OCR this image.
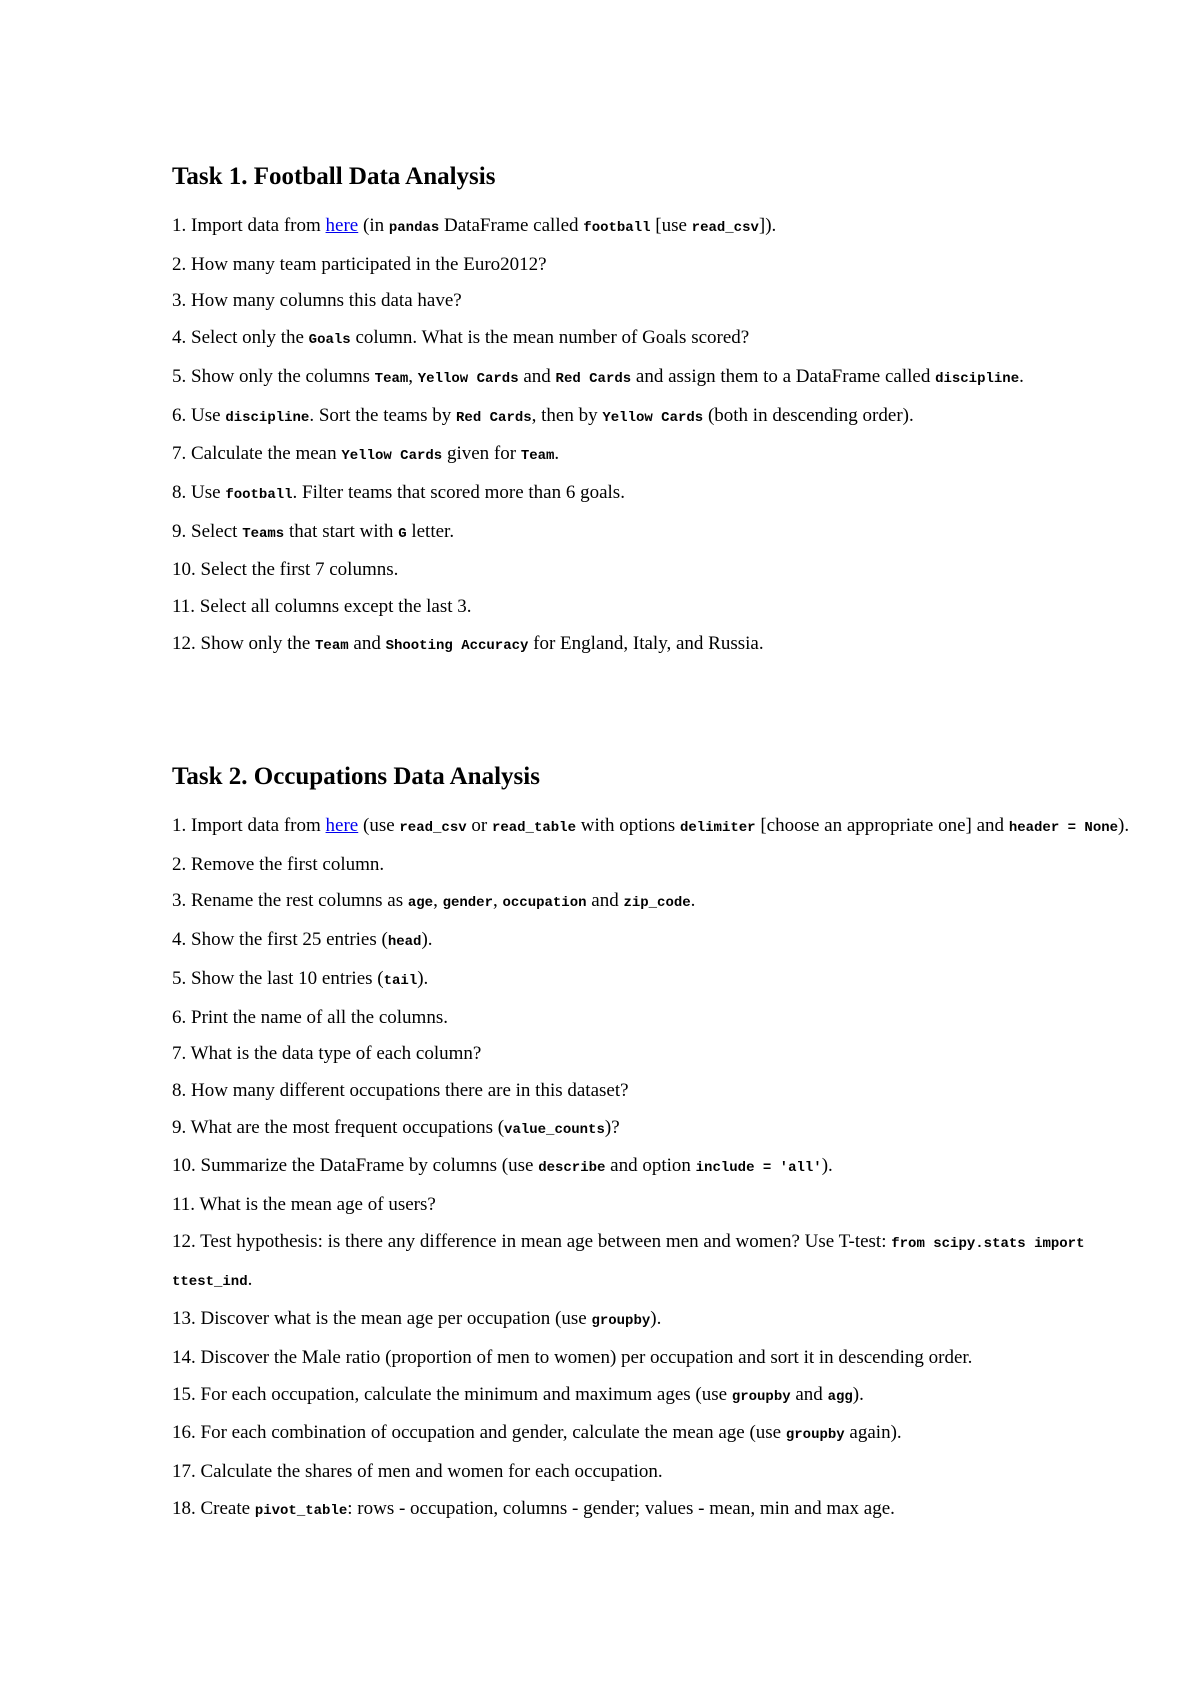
Task 1. Football Data Analysis
1. Import data from here (in pandas DataFrame called football [use read_csv]).
2. How many team participated in the Euro2012?
3. How many columns this data have?
4. Select only the Goals column. What is the mean number of Goals scored?
5. Show only the columns Team, Yellow Cards and Red Cards and assign them to a DataFrame called discipline.
6. Use discipline. Sort the teams by Red Cards, then by Yellow Cards (both in descending order).
7. Calculate the mean Yellow Cards given for Team.
8. Use football. Filter teams that scored more than 6 goals.
9. Select Teams that start with G letter.
10. Select the first 7 columns.
11. Select all columns except the last 3.
12. Show only the Team and Shooting Accuracy for England, Italy, and Russia.
Task 2. Occupations Data Analysis
1. Import data from here (use read_csv or read_table with options delimiter [choose an appropriate one] and header = None).
2. Remove the first column.
3. Rename the rest columns as age, gender, occupation and zip_code.
4. Show the first 25 entries (head).
5. Show the last 10 entries (tail).
6. Print the name of all the columns.
7. What is the data type of each column?
8. How many different occupations there are in this dataset?
9. What are the most frequent occupations (value_counts)?
10. Summarize the DataFrame by columns (use describe and option include = 'all').
11. What is the mean age of users?
12. Test hypothesis: is there any difference in mean age between men and women? Use T-test: from scipy.stats import ttest_ind.
13. Discover what is the mean age per occupation (use groupby).
14. Discover the Male ratio (proportion of men to women) per occupation and sort it in descending order.
15. For each occupation, calculate the minimum and maximum ages (use groupby and agg).
16. For each combination of occupation and gender, calculate the mean age (use groupby again).
17. Calculate the shares of men and women for each occupation.
18. Create pivot_table: rows - occupation, columns - gender; values - mean, min and max age.
